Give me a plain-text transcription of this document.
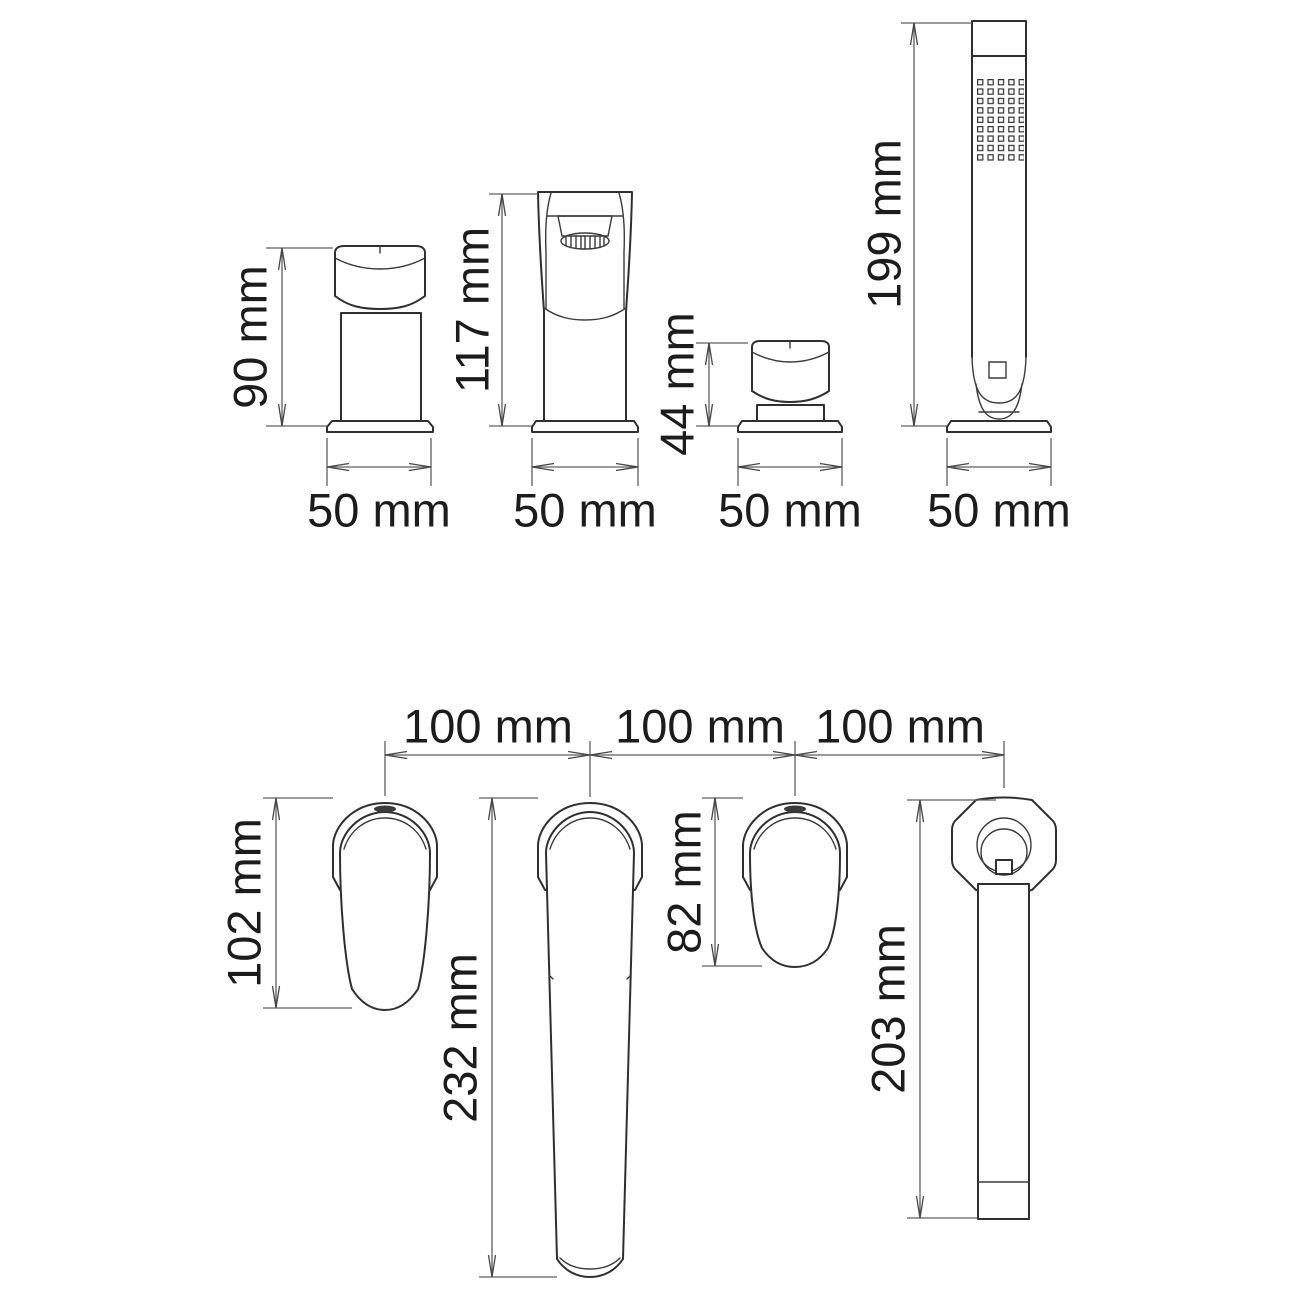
90 mm	117 mm	44 mm
199 mm
50 mm 50 mm 50 mm 50 mm
100 mm 100 mm 100 mm
102 mm
232 mm
82 mm
203 mm
